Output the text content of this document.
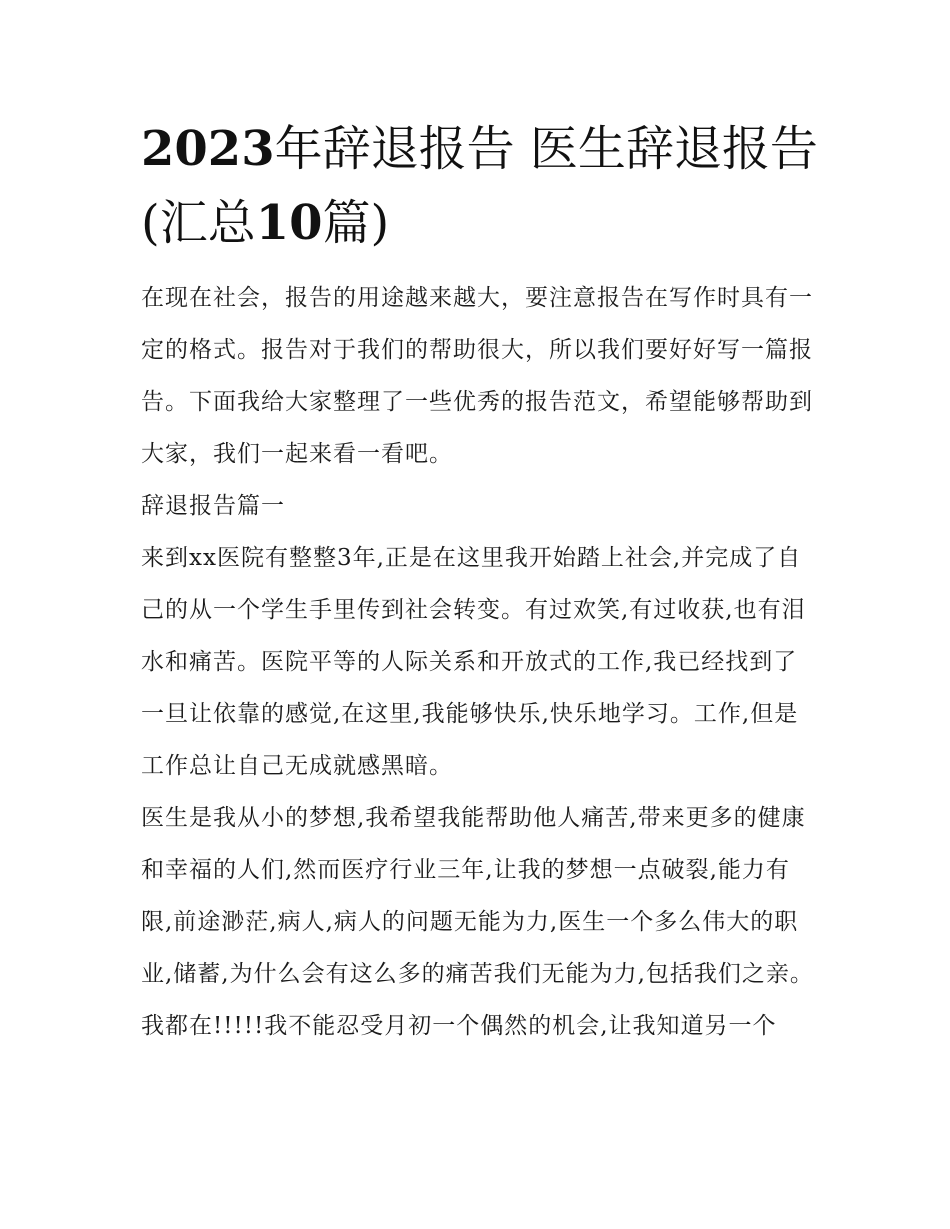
2023年辞退报告 医生辞退报告(汇总10篇)

在现在社会，报告的用途越来越大，要注意报告在写作时具有一定的格式。报告对于我们的帮助很大，所以我们要好好写一篇报告。下面我给大家整理了一些优秀的报告范文，希望能够帮助到大家，我们一起来看一看吧。

辞退报告篇一

来到xx医院有整整3年,正是在这里我开始踏上社会,并完成了自己的从一个学生手里传到社会转变。有过欢笑,有过收获,也有泪水和痛苦。医院平等的人际关系和开放式的工作,我已经找到了一旦让依靠的感觉,在这里,我能够快乐,快乐地学习。工作,但是工作总让自己无成就感黑暗。

医生是我从小的梦想,我希望我能帮助他人痛苦,带来更多的健康和幸福的人们,然而医疗行业三年,让我的梦想一点破裂,能力有限,前途渺茫,病人,病人的问题无能为力,医生一个多么伟大的职业,储蓄,为什么会有这么多的痛苦我们无能为力,包括我们之亲。

我都在!!!!!我不能忍受月初一个偶然的机会,让我知道另一个
